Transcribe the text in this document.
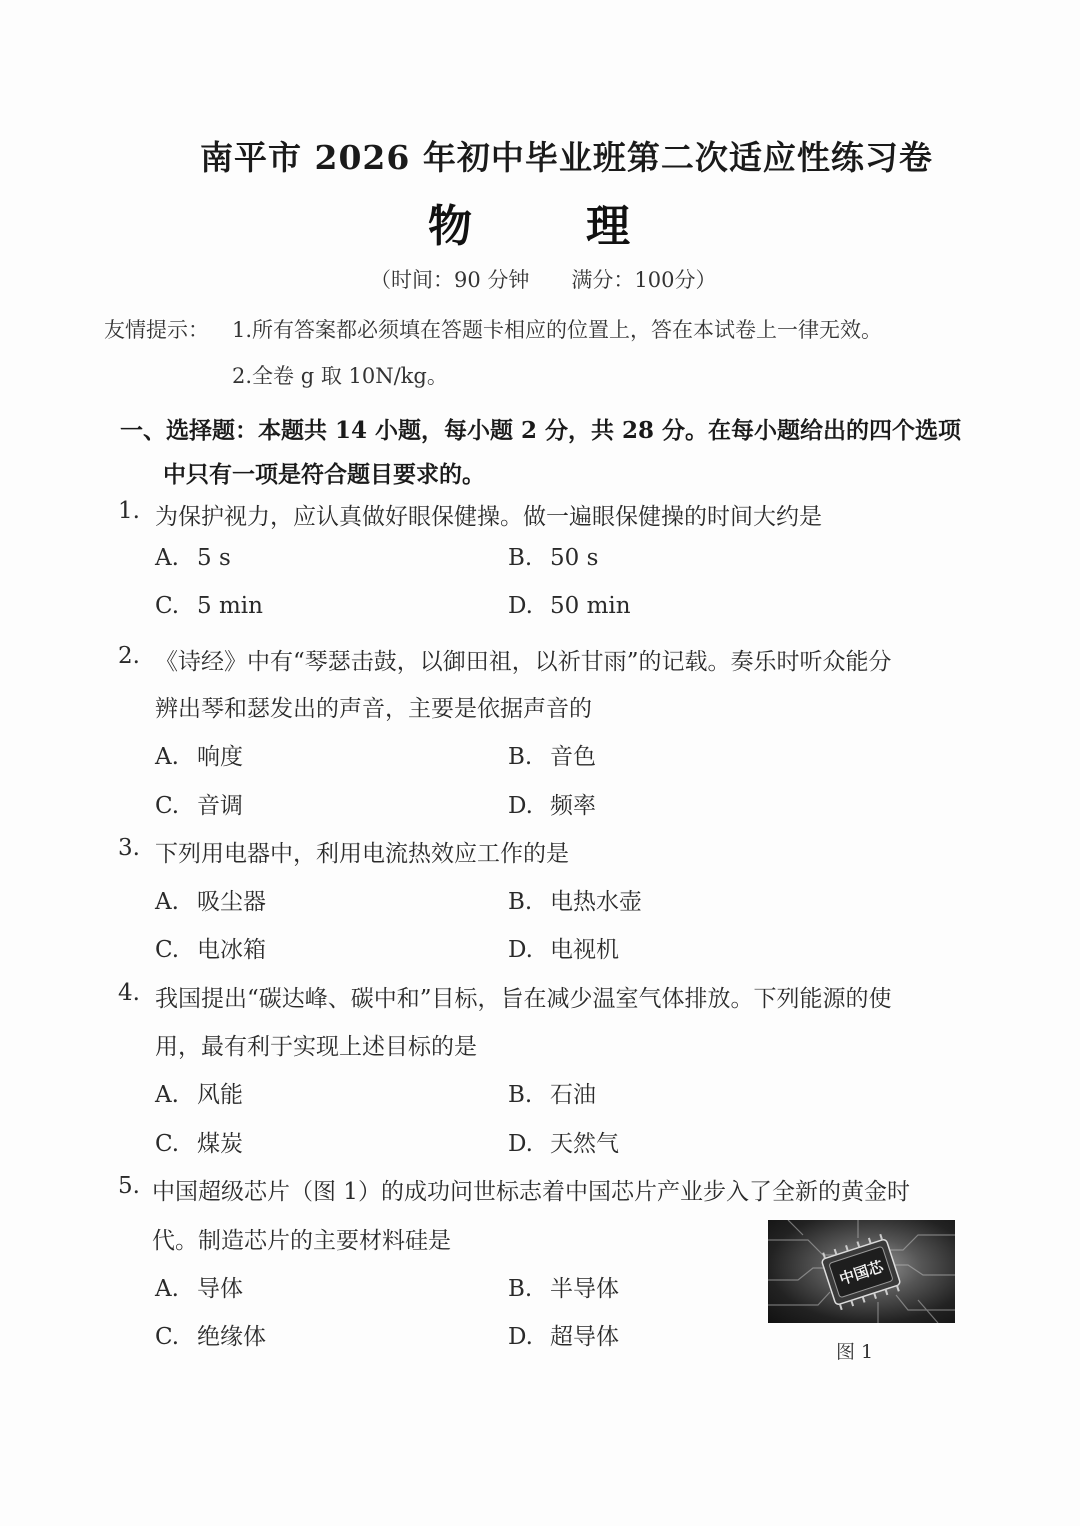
南平市 2026 年初中毕业班第二次适应性练习卷
物	理
（时间：90 分钟　　满分：100分）
友情提示： 1.所有答案都必须填在答题卡相应的位置上，答在本试卷上一律无效。
2.全卷 g 取 10N/kg。
一、选择题：本题共 14 小题，每小题 2 分，共 28 分。在每小题给出的四个选项
中只有一项是符合题目要求的。
1. 为保护视力，应认真做好眼保健操。做一遍眼保健操的时间大约是
A. 5 s	B. 50 s
C. 5 min	D. 50 min
2. 《诗经》中有“琴瑟击鼓，以御田祖，以祈甘雨”的记载。奏乐时听众能分
辨出琴和瑟发出的声音，主要是依据声音的
A. 响度	B. 音色
C. 音调	D. 频率
3. 下列用电器中，利用电流热效应工作的是
A. 吸尘器	B. 电热水壶
C. 电冰箱	D. 电视机
4. 我国提出“碳达峰、碳中和”目标，旨在减少温室气体排放。下列能源的使
用，最有利于实现上述目标的是
A. 风能	B. 石油
C. 煤炭	D. 天然气
5. 中国超级芯片（图 1）的成功问世标志着中国芯片产业步入了全新的黄金时
代。制造芯片的主要材料硅是
A. 导体	B. 半导体
C. 绝缘体	D. 超导体
中国芯
图 1
